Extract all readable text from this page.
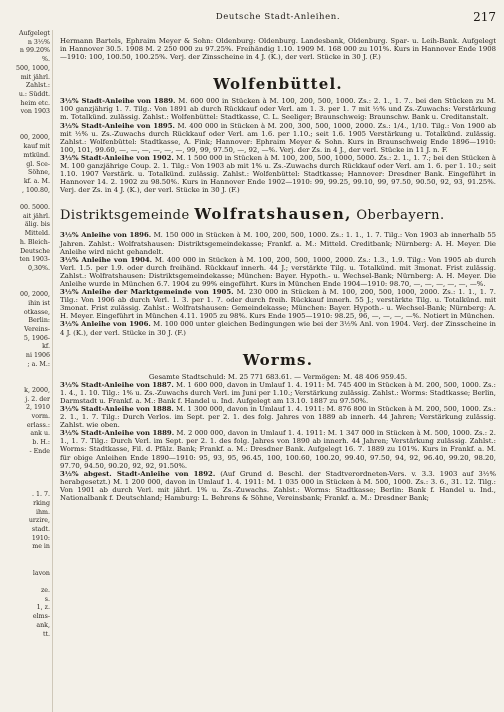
Aufgelegt
n 3½%
n 99.20%
%.
500, 1000,
mit jährl.
Zahlst.:
u.: Süddt.
heim etc.
von 1903

00, 2000,
kauf mit
mtkünd.
gl. Sce-
Söhne,
kf. a. M.
, 100.80,

00. 5000.
ait jährl.
älig. bis
Mitteld.
h. Bleich-
Deutsche
ten 1903-
0,30%.

00, 2000,
ihin ist
otkasse,
Berlin:
Vereins-
5, 1906-
kf.
ni 1906
; a. M.:

k, 2000,
j. 2. der
2, 1910
vorm.
erlass.:
ank u.
b. H.:
- Ende

. 1. 7.
rking
ihm.
urzire,
stadt.
1910:
me in

lavon

ze.
s.
1, z.
elms-
ank,
tt.
Deutsche Stadt-Anleihen.	217

Hermann Bartels, Ephraim Meyer & Sohn: Oldenburg: Oldenburg. Landesbank, Oldenburg. Spar- u. Leih-Bank. Aufgelegt in Hannover 30.5. 1908 M. 2 250 000 zu 97.25%. Freihändig 1.10. 1909 M. 168 000 zu 101%. Kurs in Hannover Ende 1908—1910: 100, 100.50, 100.25%. Verj. der Zinsscheine in 4 J. (K.), der verl. Stücke in 30 J. (F.)

Wolfenbüttel.

3½% Stadt-Anleihe von 1889. M. 600 000 in Stücken à M. 100, 200, 500, 1000. Zs.: 2. 1., 1. 7.. bei den Stücken zu M. 100 ganzjährig 1. 7. Tilg.: Von 1891 ab durch Rückkauf oder Verl. am 1. 3. per 1. 7 mit ½% und Zs.-Zuwachs: Verstärkung m. Totalkünd. zulässig. Zahlst.: Wolfenbüttel: Stadtkasse, C. L. Seeliger; Braunschweig: Braunschw. Bank u. Creditanstalt.

3½% Stadt-Anleihe von 1895. M. 400 000 in Stücken à M. 200, 300, 500, 1000, 2000. Zs.: 1/4., 1/10. Tilg.: Von 1900 ab mit ½% u. Zs.-Zuwachs durch Rückkauf oder Verl. am 1.6. per 1.10.; seit 1.6. 1905 Verstärkung u. Totalkünd. zulässig. Zahlst.: Wolfenbüttel: Stadtkasse, A. Fink; Hannover: Ephraim Meyer & Sohn. Kurs in Braunschweig Ende 1896—1910: 100, 101, 99.60, —, —, —, —, —, —, 99, 99, 97.50, —, 92, —%. Verj. der Zs. in 4 J., der verl. Stücke in 11 J. n. F.

3½% Stadt-Anleihe von 1902. M. 1 500 000 in Stücken à M. 100, 200, 500, 1000, 5000. Zs.: 2. 1., 1. 7.; bei den Stücken à M. 100 ganzjährige Coup. 2. 1. Tilg.: Von 1903 ab mit 1% u. Zs.-Zuwachs durch Rückkauf oder Verl. am 1. 6. per 1. 10.; seit 1.10. 1907 Verstärk. u. Totalkünd. zulässig. Zahlst.: Wolfenbüttel: Stadtkasse; Hannover: Dresdner Bank. Eingeführt in Hannover 14. 2. 1902 zu 98.50%. Kurs in Hannover Ende 1902—1910: 99, 99.25, 99.10, 99, 97.50, 90.50, 92, 93, 91.25%. Verj. der Zs. in 4 J. (K.), der verl. Stücke in 30 J. (F.)

Distriktsgemeinde Wolfratshausen, Oberbayern.

3½% Anleihe von 1896. M. 150 000 in Stücken à M. 100, 200, 500, 1000. Zs.: 1. 1., 1. 7. Tilg.: Von 1903 ab innerhalb 55 Jahren. Zahlst.: Wolfratshausen: Distriktsgemeindekasse; Frankf. a. M.: Mitteld. Creditbank; Nürnberg: A. H. Meyer. Die Anleihe wird nicht gehandelt.

3½% Anleihe von 1904. M. 400 000 in Stücken à M. 100, 200, 500, 1000, 2000. Zs.: 1.3., 1.9. Tilg.: Von 1905 ab durch Verl. 1.5. per 1.9. oder durch freihänd. Rückkauf innerh. 44 J.; verstärkte Tilg. u. Totalkünd. mit 3monat. Frist zulässig. Zahlst.: Wolfratshausen: Distriktsgemeindekasse; München: Bayer. Hypoth.- u. Wechsel-Bank; Nürnberg: A. H. Meyer. Die Anleihe wurde in München 6.7. 1904 zu 99% eingeführt. Kurs in München Ende 1904—1910: 98.70, —, —, —, —, —, —%.

3½% Anleihe der Marktgemeinde von 1905. M. 230 000 in Stücken à M. 100, 200, 500, 1000, 2000. Zs.: 1. 1., 1. 7. Tilg.: Von 1906 ab durch Verl. 1. 3. per 1. 7. oder durch freih. Rückkauf innerh. 55 J.; verstärkte Tilg. u. Totalkünd. mit 3monat. Frist zulässig. Zahlst.: Wolfratshausen: Gemeindekasse; München: Bayer. Hypoth.- u. Wechsel-Bank; Nürnberg: A. H. Meyer. Eingeführt in München 4.11. 1905 zu 98%. Kurs Ende 1905—1910: 98.25, 96, —, —, —, —%. Notiert in München.

3½% Anleihe von 1906. M. 100 000 unter gleichen Bedingungen wie bei der 3½% Anl. von 1904. Verj. der Zinsscheine in 4 J. (K.), der verl. Stücke in 30 J. (F.)

Worms.

Gesamte Stadtschuld: M. 25 771 683.61. — Vermögen: M. 48 406 959.45.

3½% Stadt-Anleihe von 1887. M. 1 600 000, davon in Umlauf 1. 4. 1911: M. 745 400 in Stücken à M. 200, 500, 1000. Zs.: 1. 4., 1. 10. Tilg.: 1% u. Zs.-Zuwachs durch Verl. im Juni per 1.10.; Verstärkung zulässig. Zahlst.: Worms: Stadtkasse; Berlin, Darmstadt u. Frankf. a. M.: Bank f. Handel u. Ind. Aufgelegt am 13.10. 1887 zu 97.50%.

3½% Stadt-Anleihe von 1888. M. 1 300 000, davon in Umlauf 1. 4. 1911: M. 876 800 in Stücken à M. 200, 500, 1000. Zs.: 2. 1., 1. 7. Tilg.: Durch Verlos. im Sept. per 2. 1. des folg. Jahres von 1889 ab innerh. 44 Jahren; Verstärkung zulässig. Zahlst. wie oben.

3½% Stadt-Anleihe von 1889. M. 2 000 000, davon in Umlauf 1. 4. 1911: M. 1 347 000 in Stücken à M. 500, 1000. Zs.: 2. 1., 1. 7. Tilg.: Durch Verl. im Sept. per 2. 1. des folg. Jahres von 1890 ab innerh. 44 Jahren; Verstärkung zulässig. Zahlst.: Worms: Stadtkasse, Fil. d. Pfälz. Bank; Frankf. a. M.: Dresdner Bank. Aufgelegt 16. 7. 1889 zu 101%. Kurs in Frankf. a. M. für obige Anleihen Ende 1890—1910: 95, 93, 95, 96.45, 100, 100.60, 100.20, 99.40, 97.50, 94, 92, 96.40, 99.20, 98.20, 97.70, 94.50, 90.20, 92, 92, 91.50%.

3½% abgest. Stadt-Anleihe von 1892. (Auf Grund d. Beschl. der Stadtverordneten-Vers. v. 3.3. 1903 auf 3½% herabgesetzt.) M. 1 200 000, davon in Umlauf 1. 4. 1911: M. 1 035 000 in Stücken à M. 500, 1000. Zs.: 3. 6., 31. 12. Tilg.: Von 1901 ab durch Verl. mit jährl. 1% u. Zs.-Zuwachs. Zahlst.: Worms: Stadtkasse; Berlin: Bank f. Handel u. Ind., Nationalbank f. Deutschland; Hamburg: L. Behrens & Söhne, Vereinsbank; Frankf. a. M.: Dresdner Bank;
